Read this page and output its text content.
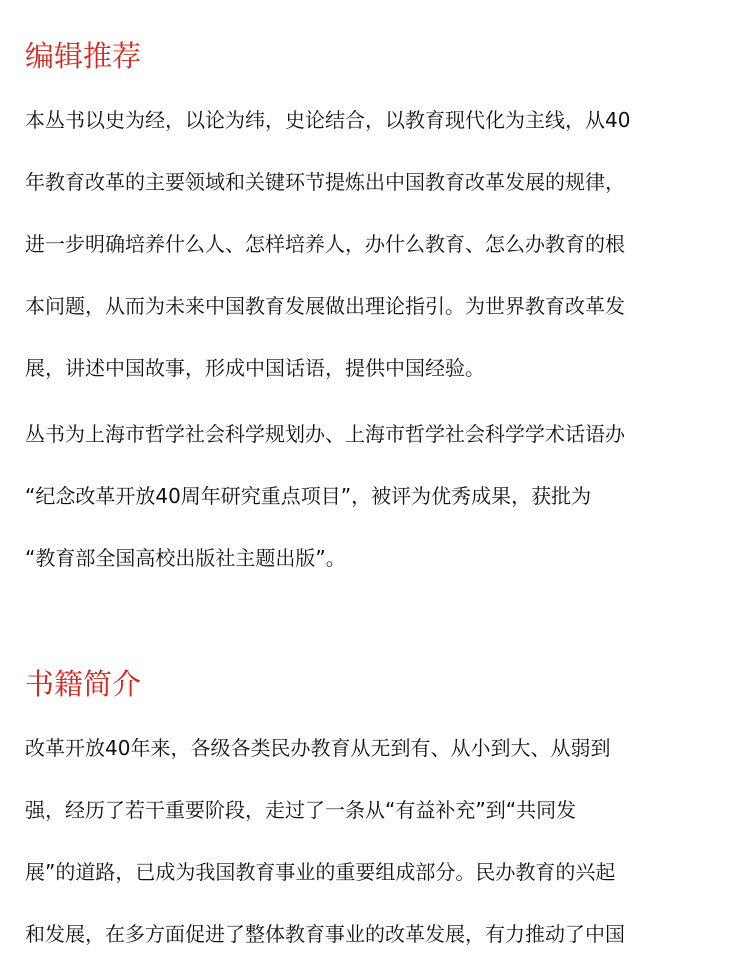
编辑推荐
本丛书以史为经，以论为纬，史论结合，以教育现代化为主线，从40
年教育改革的主要领域和关键环节提炼出中国教育改革发展的规律，
进一步明确培养什么人、怎样培养人，办什么教育、怎么办教育的根
本问题，从而为未来中国教育发展做出理论指引。为世界教育改革发
展，讲述中国故事，形成中国话语，提供中国经验。
丛书为上海市哲学社会科学规划办、上海市哲学社会科学学术话语办
“纪念改革开放40周年研究重点项目”，被评为优秀成果，获批为
“教育部全国高校出版社主题出版”。
书籍简介
改革开放40年来，各级各类民办教育从无到有、从小到大、从弱到
强，经历了若干重要阶段，走过了一条从“有益补充”到“共同发
展”的道路，已成为我国教育事业的重要组成部分。民办教育的兴起
和发展，在多方面促进了整体教育事业的改革发展，有力推动了中国
